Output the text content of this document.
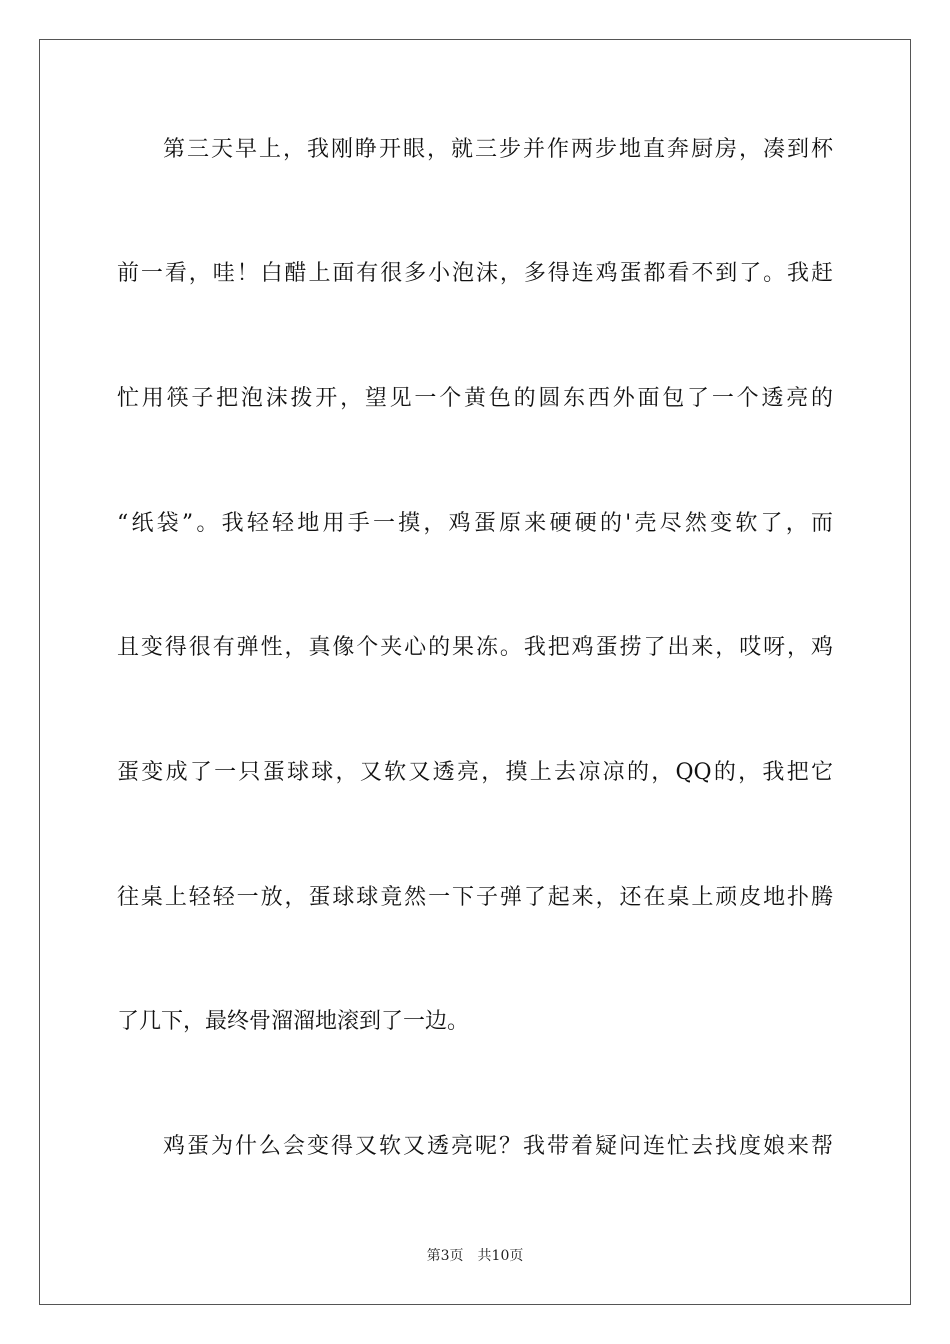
第三天早上，我刚睁开眼，就三步并作两步地直奔厨房，凑到杯
前一看，哇！白醋上面有很多小泡沫，多得连鸡蛋都看不到了。我赶
忙用筷子把泡沫拨开，望见一个黄色的圆东西外面包了一个透亮的
“纸袋”。我轻轻地用手一摸，鸡蛋原来硬硬的'壳尽然变软了，而
且变得很有弹性，真像个夹心的果冻。我把鸡蛋捞了出来，哎呀，鸡
蛋变成了一只蛋球球，又软又透亮，摸上去凉凉的，QQ的，我把它
往桌上轻轻一放，蛋球球竟然一下子弹了起来，还在桌上顽皮地扑腾
了几下，最终骨溜溜地滚到了一边。
鸡蛋为什么会变得又软又透亮呢？我带着疑问连忙去找度娘来帮
第3页 共10页
